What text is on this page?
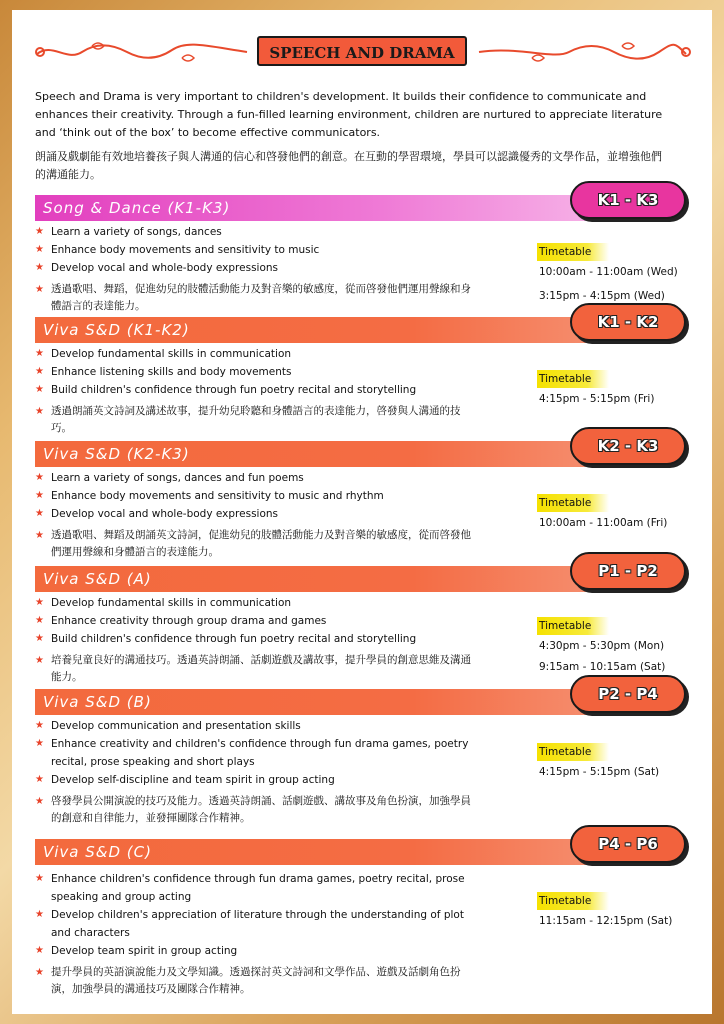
SPEECH AND DRAMA

Speech and Drama is very important to children's development. It builds their confidence to communicate and enhances their creativity. Through a fun-filled learning environment, children are nurtured to appreciate literature and ‘think out of the box’ to become effective communicators.

朗誦及戲劇能有效地培養孩子與人溝通的信心和啓發他們的創意。在互動的學習環境，學員可以認識優秀的文學作品，並增強他們的溝通能力。

Song & Dance (K1-K3)	K1 - K3
★ Learn a variety of songs, dances
★ Enhance body movements and sensitivity to music
★ Develop vocal and whole-body expressions
★ 透過歌唱、舞蹈，促進幼兒的肢體活動能力及對音樂的敏感度，從而啓發他們運用聲線和身體語言的表達能力。
Timetable
10:00am - 11:00am (Wed)
3:15pm - 4:15pm (Wed)
Viva S&D (K1-K2)	K1 - K2
★ Develop fundamental skills in communication
★ Enhance listening skills and body movements
★ Build children's confidence through fun poetry recital and storytelling
★ 透過朗誦英文詩詞及講述故事，提升幼兒聆聽和身體語言的表達能力，啓發與人溝通的技巧。
Timetable
4:15pm - 5:15pm (Fri)
Viva S&D (K2-K3)	K2 - K3
★ Learn a variety of songs, dances and fun poems
★ Enhance body movements and sensitivity to music and rhythm
★ Develop vocal and whole-body expressions
★ 透過歌唱、舞蹈及朗誦英文詩詞，促進幼兒的肢體活動能力及對音樂的敏感度，從而啓發他們運用聲線和身體語言的表達能力。
Timetable
10:00am - 11:00am (Fri)
Viva S&D (A)	P1 - P2
★ Develop fundamental skills in communication
★ Enhance creativity through group drama and games
★ Build children's confidence through fun poetry recital and storytelling
★ 培養兒童良好的溝通技巧。透過英詩朗誦、話劇遊戲及講故事，提升學員的創意思維及溝通能力。
Timetable
4:30pm - 5:30pm (Mon)
9:15am - 10:15am (Sat)
Viva S&D (B)	P2 - P4
★ Develop communication and presentation skills
★ Enhance creativity and children's confidence through fun drama games, poetry recital, prose speaking and short plays
★ Develop self-discipline and team spirit in group acting
★ 啓發學員公開演說的技巧及能力。透過英詩朗誦、話劇遊戲、講故事及角色扮演，加強學員的創意和自律能力，並發揮團隊合作精神。
Timetable
4:15pm - 5:15pm (Sat)
Viva S&D (C)	P4 - P6
★ Enhance children's confidence through fun drama games, poetry recital, prose speaking and group acting
★ Develop children's appreciation of literature through the understanding of plot and characters
★ Develop team spirit in group acting
★ 提升學員的英語演說能力及文學知識。透過探討英文詩詞和文學作品、遊戲及話劇角色扮演，加強學員的溝通技巧及團隊合作精神。
Timetable
11:15am - 12:15pm (Sat)
